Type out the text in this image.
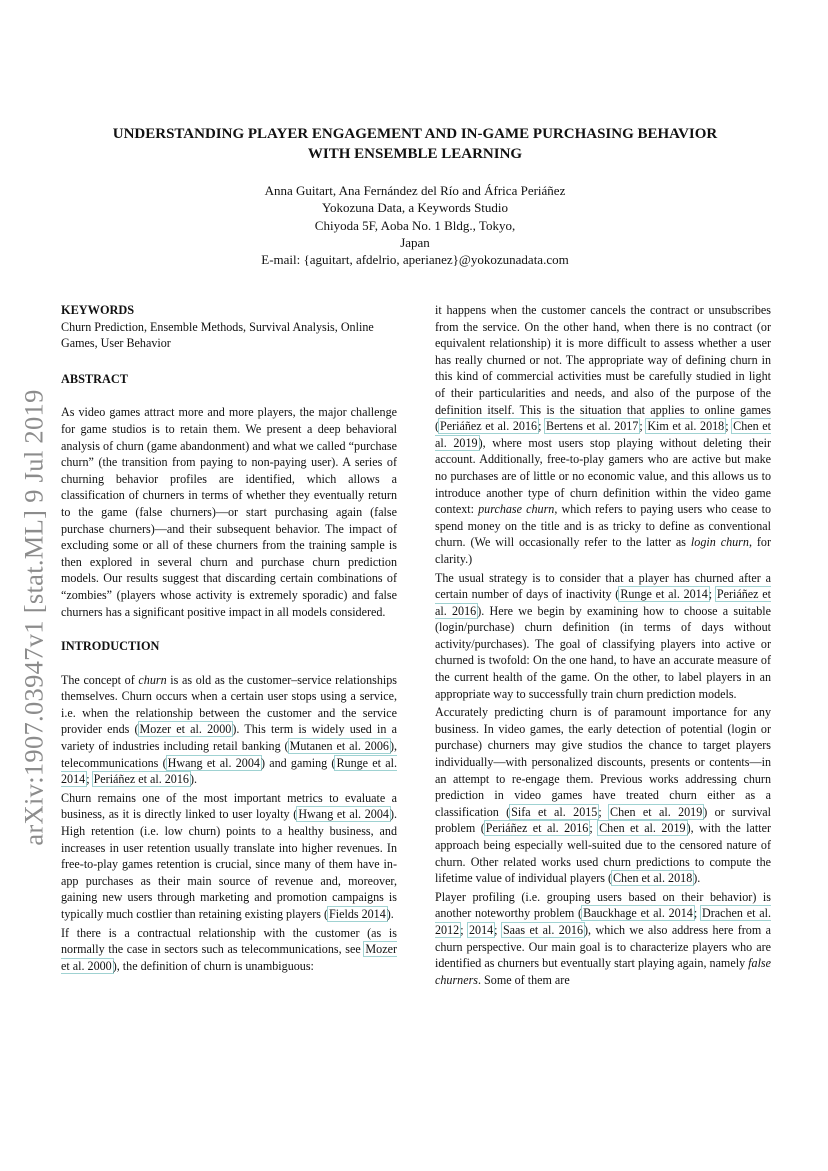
arXiv:1907.03947v1 [stat.ML] 9 Jul 2019
UNDERSTANDING PLAYER ENGAGEMENT AND IN-GAME PURCHASING BEHAVIOR
WITH ENSEMBLE LEARNING
Anna Guitart, Ana Fernández del Río and África Periáñez
Yokozuna Data, a Keywords Studio
Chiyoda 5F, Aoba No. 1 Bldg., Tokyo,
Japan
E-mail: {aguitart, afdelrio, aperianez}@yokozunadata.com
KEYWORDS

Churn Prediction, Ensemble Methods, Survival Analysis, Online Games, User Behavior

ABSTRACT

As video games attract more and more players, the major challenge for game studios is to retain them. We present a deep behavioral analysis of churn (game abandonment) and what we called “purchase churn” (the transition from paying to non-paying user). A series of churning behavior profiles are identified, which allows a classification of churners in terms of whether they eventually return to the game (false churners)—or start purchasing again (false purchase churners)—and their subsequent behavior. The impact of excluding some or all of these churners from the training sample is then explored in several churn and purchase churn prediction models. Our results suggest that discarding certain combinations of “zombies” (players whose activity is extremely sporadic) and false churners has a significant positive impact in all models considered.

INTRODUCTION

The concept of churn is as old as the customer–service relationships themselves. Churn occurs when a certain user stops using a service, i.e. when the relationship between the customer and the service provider ends (Mozer et al. 2000). This term is widely used in a variety of industries including retail banking (Mutanen et al. 2006), telecommunications (Hwang et al. 2004) and gaming (Runge et al. 2014; Periáñez et al. 2016).

Churn remains one of the most important metrics to evaluate a business, as it is directly linked to user loyalty (Hwang et al. 2004). High retention (i.e. low churn) points to a healthy business, and increases in user retention usually translate into higher revenues. In free-to-play games retention is crucial, since many of them have in-app purchases as their main source of revenue and, moreover, gaining new users through marketing and promotion campaigns is typically much costlier than retaining existing players (Fields 2014).

If there is a contractual relationship with the customer (as is normally the case in sectors such as telecommunications, see Mozer et al. 2000), the definition of churn is unambiguous:

it happens when the customer cancels the contract or unsubscribes from the service. On the other hand, when there is no contract (or equivalent relationship) it is more difficult to assess whether a user has really churned or not. The appropriate way of defining churn in this kind of commercial activities must be carefully studied in light of their particularities and needs, and also of the purpose of the definition itself. This is the situation that applies to online games (Periáñez et al. 2016; Bertens et al. 2017; Kim et al. 2018; Chen et al. 2019), where most users stop playing without deleting their account. Additionally, free-to-play gamers who are active but make no purchases are of little or no economic value, and this allows us to introduce another type of churn definition within the video game context: purchase churn, which refers to paying users who cease to spend money on the title and is as tricky to define as conventional churn. (We will occasionally refer to the latter as login churn, for clarity.)

The usual strategy is to consider that a player has churned after a certain number of days of inactivity (Runge et al. 2014; Periáñez et al. 2016). Here we begin by examining how to choose a suitable (login/purchase) churn definition (in terms of days without activity/purchases). The goal of classifying players into active or churned is twofold: On the one hand, to have an accurate measure of the current health of the game. On the other, to label players in an appropriate way to successfully train churn prediction models.

Accurately predicting churn is of paramount importance for any business. In video games, the early detection of potential (login or purchase) churners may give studios the chance to target players individually—with personalized discounts, presents or contents—in an attempt to re-engage them. Previous works addressing churn prediction in video games have treated churn either as a classification (Sifa et al. 2015; Chen et al. 2019) or survival problem (Periáñez et al. 2016; Chen et al. 2019), with the latter approach being especially well-suited due to the censored nature of churn. Other related works used churn predictions to compute the lifetime value of individual players (Chen et al. 2018).

Player profiling (i.e. grouping users based on their behavior) is another noteworthy problem (Bauckhage et al. 2014; Drachen et al. 2012; 2014; Saas et al. 2016), which we also address here from a churn perspective. Our main goal is to characterize players who are identified as churners but eventually start playing again, namely false churners. Some of them are
